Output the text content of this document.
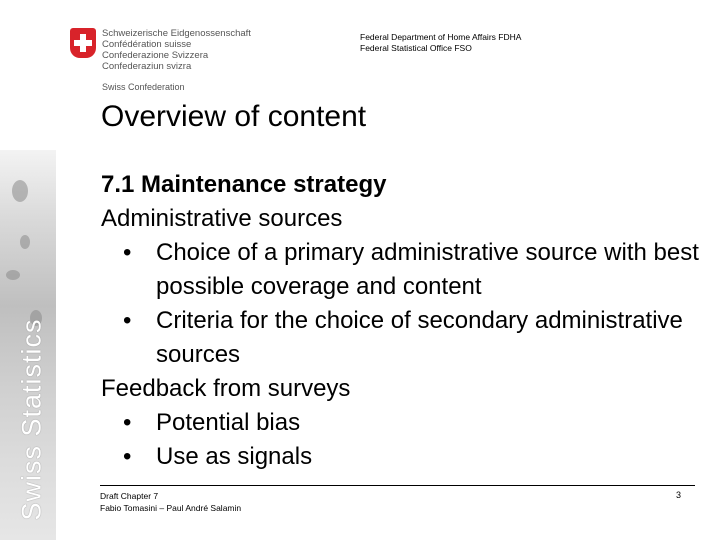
Swiss Statistics
Schweizerische Eidgenossenschaft
Confédération suisse
Confederazione Svizzera
Confederaziun svizra
Swiss Confederation
Federal Department of Home Affairs FDHA
Federal Statistical Office FSO
Overview of content
7.1 Maintenance strategy
Administrative sources
• Choice of a primary administrative source with best possible coverage and content
• Criteria for the choice of secondary administrative sources
Feedback from surveys
• Potential bias
• Use as signals
Draft Chapter 7
Fabio Tomasini – Paul André Salamin
3
